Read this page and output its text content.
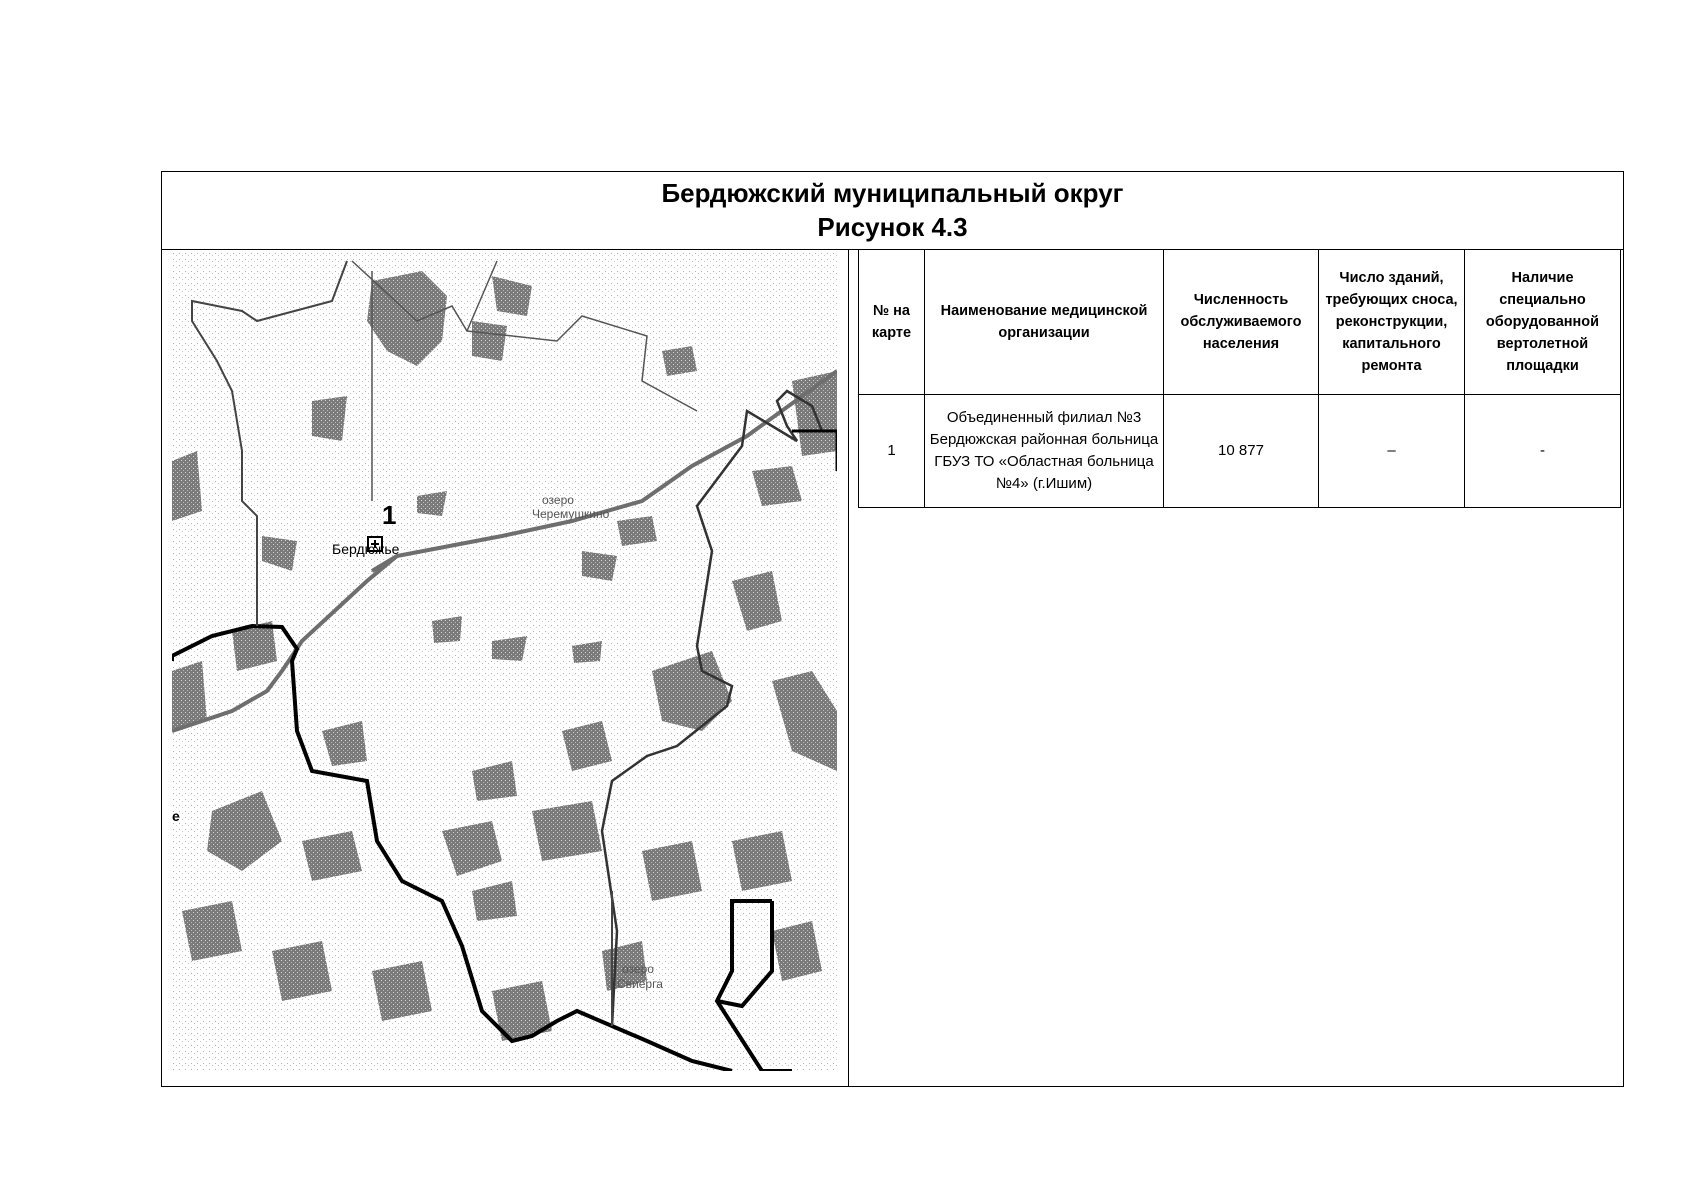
Бердюжский муниципальный округ
Рисунок 4.3
1
Бердюжье
озеро
Черемушкино
озеро
Свиерга
е
№ на карте	Наименование медицинской организации	Численность обслуживаемого населения	Число зданий, требующих сноса, реконструкции, капитального ремонта	Наличие специально оборудованной вертолетной площадки
1	Объединенный филиал №3 Бердюжская районная больница ГБУЗ ТО «Областная больница №4» (г.Ишим)	10 877	–	-
